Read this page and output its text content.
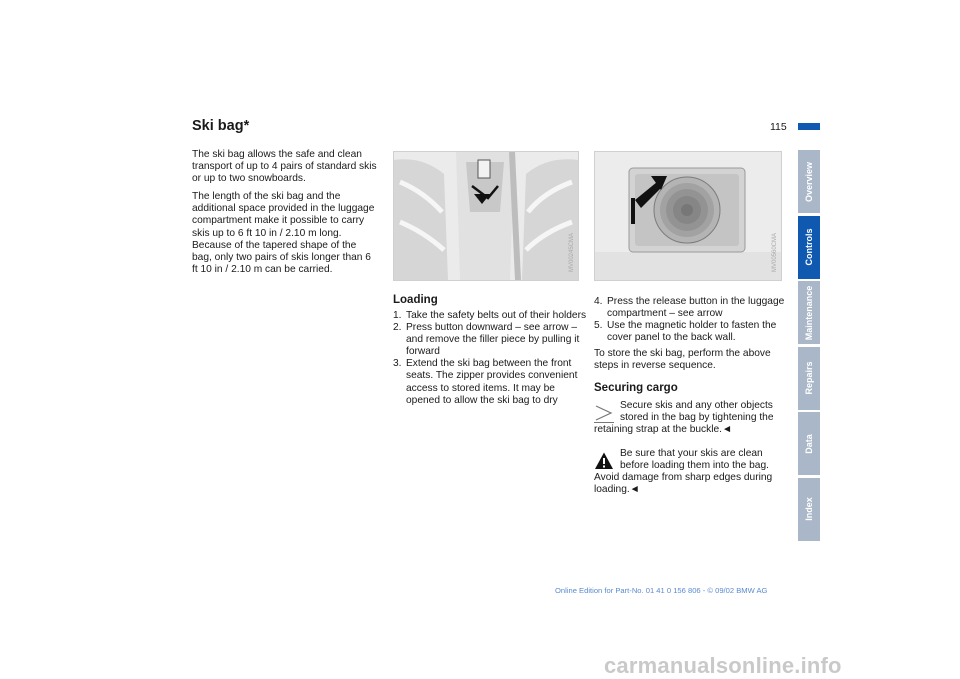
Ski bag*	115

The ski bag allows the safe and clean transport of up to 4 pairs of standard skis or up to two snowboards.

The length of the ski bag and the additional space provided in the luggage compartment make it possible to carry skis up to 6 ft 10 in / 2.10 m long. Because of the tapered shape of the bag, only two pairs of skis longer than 6 ft 10 in / 2.10 m can be carried.	MV00245CMA	MV00560CMA
Loading
1. Take the safety belts out of their holders
2. Press button downward – see arrow – and remove the filler piece by pulling it forward
3. Extend the ski bag between the front seats. The zipper provides convenient access to stored items. It may be opened to allow the ski bag to dry
4. Press the release button in the luggage compartment – see arrow
5. Use the magnetic holder to fasten the cover panel to the back wall.

To store the ski bag, perform the above steps in reverse sequence.

Securing cargo
Secure skis and any other objects stored in the bag by tightening the retaining strap at the buckle.◄
Be sure that your skis are clean before loading them into the bag. Avoid damage from sharp edges during loading.◄
Overview
Controls
Maintenance
Repairs
Data
Index
Online Edition for Part-No. 01 41 0 156 806 - © 09/02 BMW AG
carmanualsonline.info
